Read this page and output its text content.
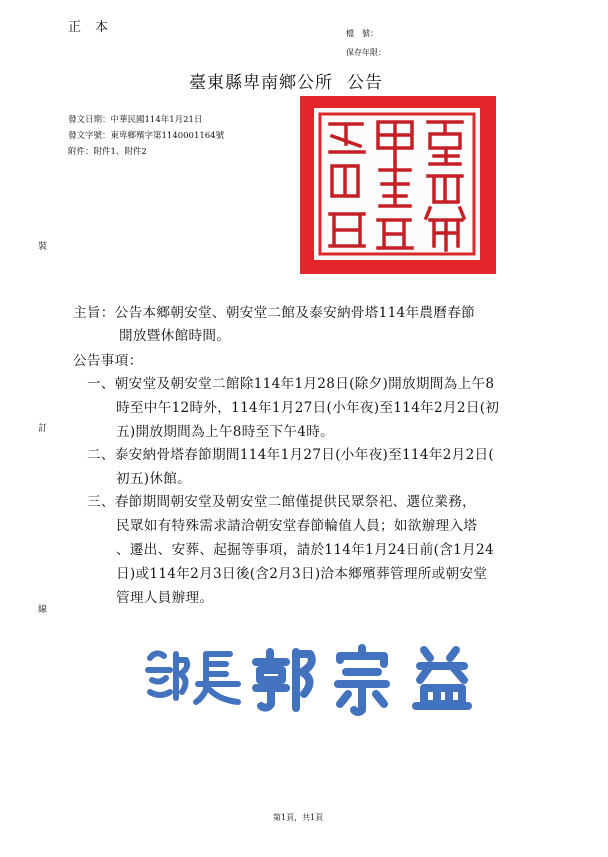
正本	檔　號：
保存年限：
臺東縣卑南鄉公所 公告
發文日期：中華民國114年1月21日
發文字號：東卑鄉殯字第1140001164號
附件：附件1、附件2
裝
訂
線
主旨：公告本鄉朝安堂、朝安堂二館及泰安納骨塔114年農曆春節
開放暨休館時間。
公告事項：
一、朝安堂及朝安堂二館除114年1月28日(除夕)開放期間為上午8
時至中午12時外，114年1月27日(小年夜)至114年2月2日(初
五)開放期間為上午8時至下午4時。
二、泰安納骨塔春節期間114年1月27日(小年夜)至114年2月2日(
初五)休館。
三、春節期間朝安堂及朝安堂二館僅提供民眾祭祀、選位業務，
民眾如有特殊需求請洽朝安堂春節輪值人員；如欲辦理入塔
、遷出、安葬、起掘等事項，請於114年1月24日前(含1月24
日)或114年2月3日後(含2月3日)洽本鄉殯葬管理所或朝安堂
管理人員辦理。
第1頁，共1頁
